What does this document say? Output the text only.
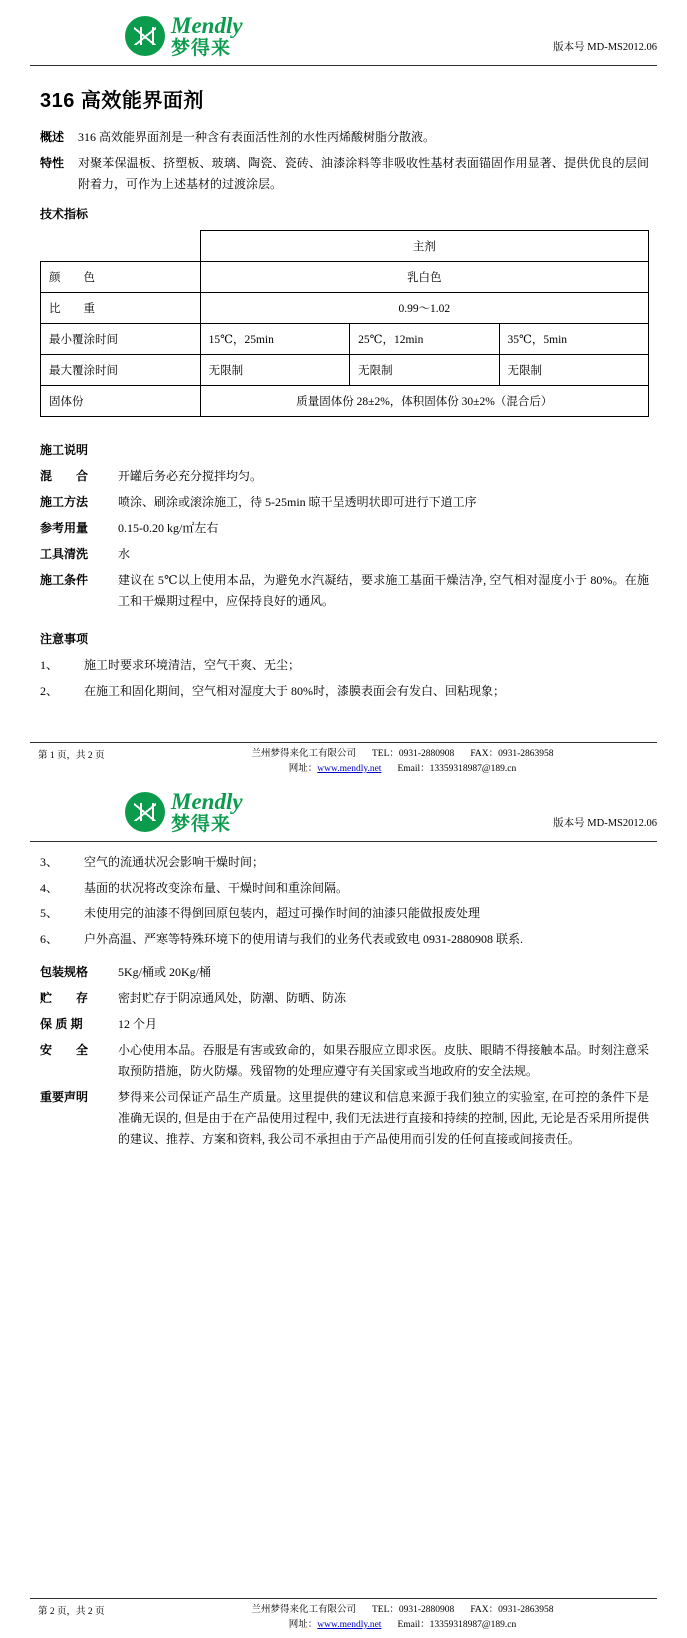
Mendly
梦得来	版本号 MD-MS2012.06
316 高效能界面剂
概述	316 高效能界面剂是一种含有表面活性剂的水性丙烯酸树脂分散液。
特性	对聚苯保温板、挤塑板、玻璃、陶瓷、瓷砖、油漆涂料等非吸收性基材表面锚固作用显著、提供优良的层间附着力，可作为上述基材的过渡涂层。
技术指标
	主剂		
颜　　色	乳白色		
比　　重	0.99～1.02		
最小覆涂时间	15℃，25min	25℃，12min	35℃，5min
最大覆涂时间	无限制	无限制	无限制
固体份	质量固体份 28±2%，体积固体份 30±2%（混合后）		
施工说明
混　　合	开罐后务必充分搅拌均匀。
施工方法	喷涂、刷涂或滚涂施工，待 5-25min 晾干呈透明状即可进行下道工序
参考用量	0.15-0.20 kg/㎡左右
工具清洗	水
施工条件	建议在 5℃以上使用本品，为避免水汽凝结，要求施工基面干燥洁净, 空气相对湿度小于 80%。在施工和干燥期过程中，应保持良好的通风。
注意事项
1、	施工时要求环境清洁，空气干爽、无尘；
2、	在施工和固化期间，空气相对湿度大于 80%时，漆膜表面会有发白、回粘现象；
第 1 页，共 2 页	兰州梦得来化工有限公司 TEL：0931-2880908 FAX：0931-2863958
网址：www.mendly.net Email：13359318987@189.cn
Mendly
梦得来	版本号 MD-MS2012.06
3、	空气的流通状况会影响干燥时间；
4、	基面的状况将改变涂布量、干燥时间和重涂间隔。
5、	未使用完的油漆不得倒回原包装内，超过可操作时间的油漆只能做报废处理
6、	户外高温、严寒等特殊环境下的使用请与我们的业务代表或致电 0931-2880908 联系.
包装规格	5Kg/桶或 20Kg/桶
贮　　存	密封贮存于阴凉通风处，防潮、防晒、防冻
保 质 期	12 个月
安　　全	小心使用本品。吞服是有害或致命的，如果吞服应立即求医。皮肤、眼睛不得接触本品。时刻注意采取预防措施，防火防爆。残留物的处理应遵守有关国家或当地政府的安全法规。
重要声明	梦得来公司保证产品生产质量。这里提供的建议和信息来源于我们独立的实验室, 在可控的条件下是准确无误的, 但是由于在产品使用过程中, 我们无法进行直接和持续的控制, 因此, 无论是否采用所提供的建议、推荐、方案和资料, 我公司不承担由于产品使用而引发的任何直接或间接责任。
第 2 页，共 2 页	兰州梦得来化工有限公司 TEL：0931-2880908 FAX：0931-2863958
网址：www.mendly.net Email：13359318987@189.cn
